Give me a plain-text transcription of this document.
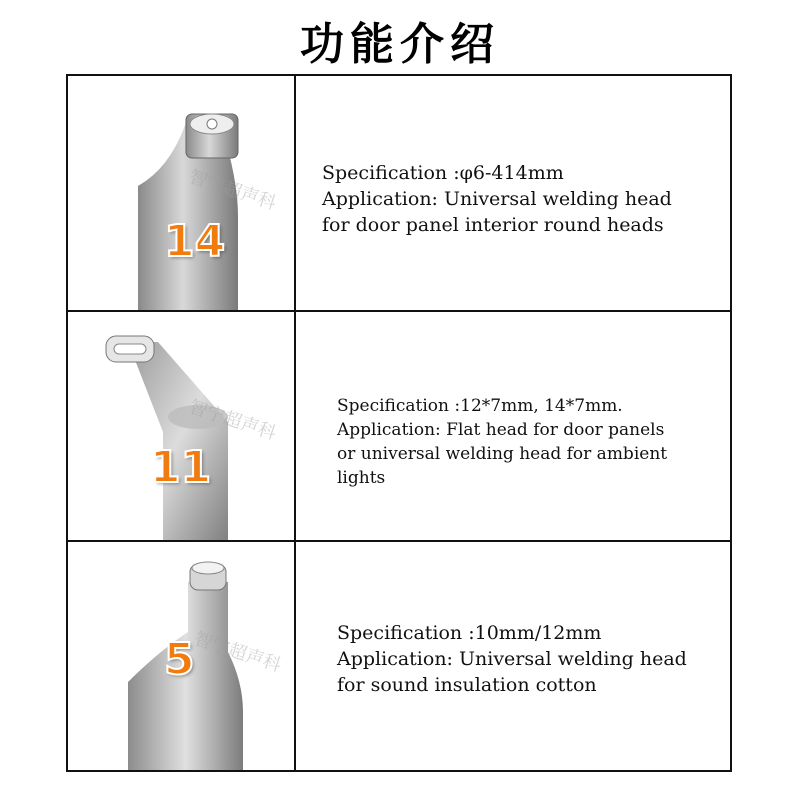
功能介绍
14
智宁超声科 Specification :φ6-414mm
Application: Universal welding head
for door panel interior round heads
11
智宁超声科	Specification :12*7mm, 14*7mm.
Application: Flat head for door panels
or universal welding head for ambient
lights
5
智宁超声科	Specification :10mm/12mm
Application: Universal welding head
for sound insulation cotton
